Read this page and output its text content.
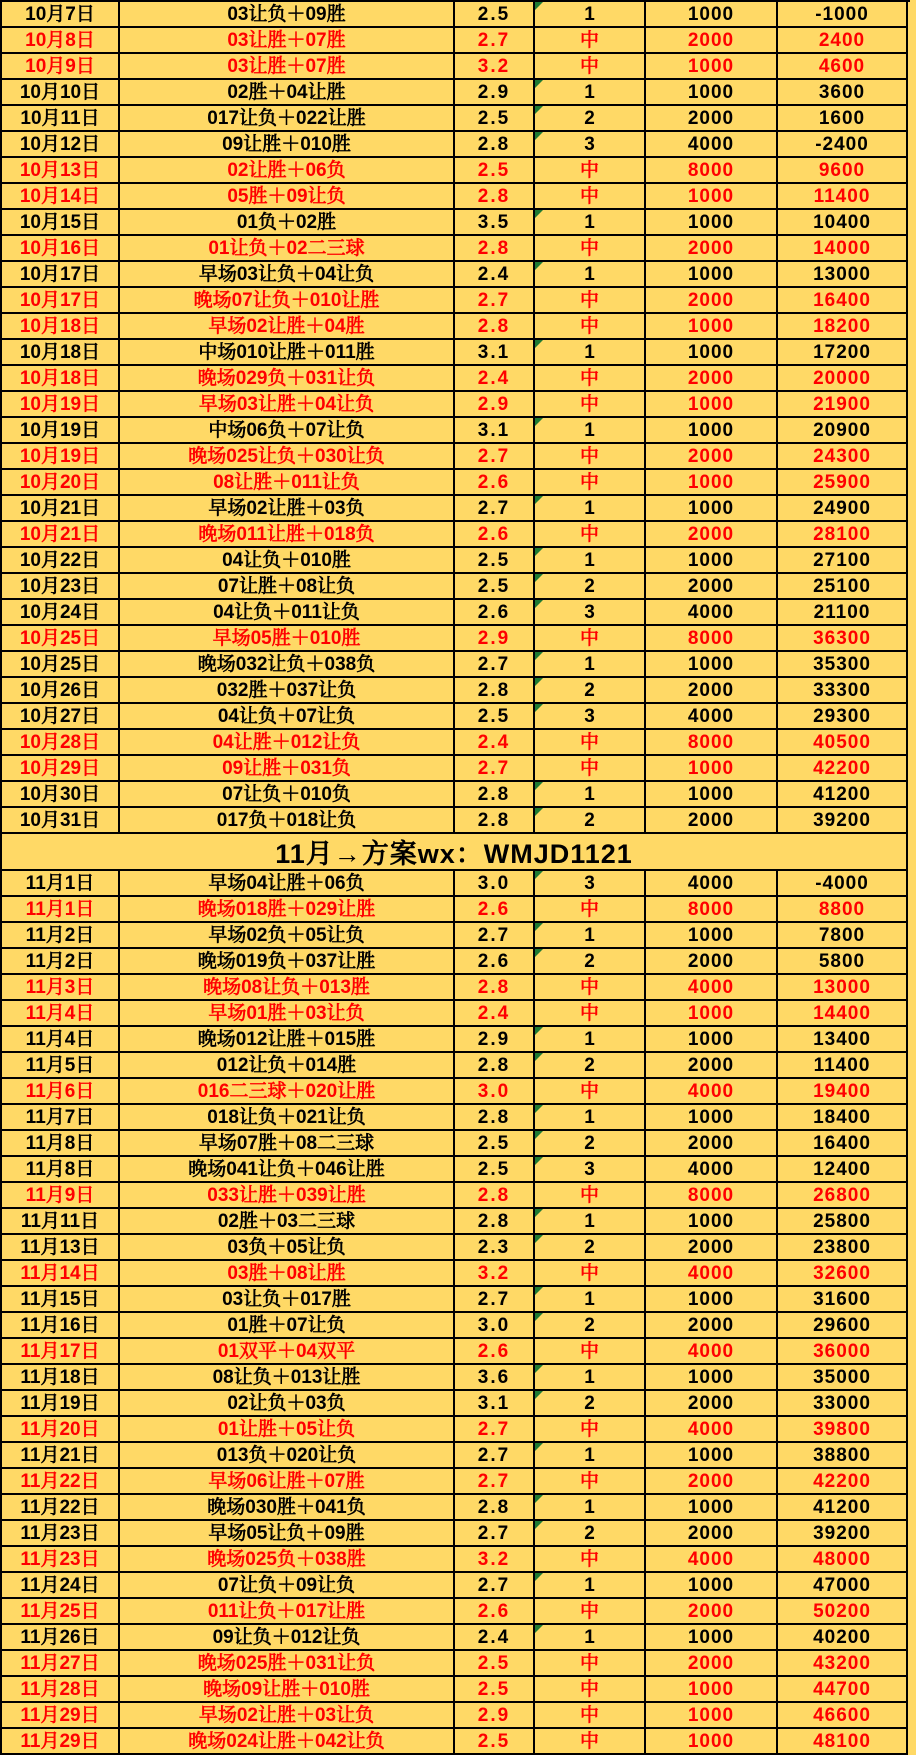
10月7日	03让负＋09胜	2.5	1	1000	-1000
10月8日	03让胜＋07胜	2.7	中	2000	2400
10月9日	03让胜＋07胜	3.2	中	1000	4600
10月10日	02胜＋04让胜	2.9	1	1000	3600
10月11日	017让负＋022让胜	2.5	2	2000	1600
10月12日	09让胜＋010胜	2.8	3	4000	-2400
10月13日	02让胜＋06负	2.5	中	8000	9600
10月14日	05胜＋09让负	2.8	中	1000	11400
10月15日	01负＋02胜	3.5	1	1000	10400
10月16日	01让负＋02二三球	2.8	中	2000	14000
10月17日	早场03让负＋04让负	2.4	1	1000	13000
10月17日	晚场07让负＋010让胜	2.7	中	2000	16400
10月18日	早场02让胜＋04胜	2.8	中	1000	18200
10月18日	中场010让胜＋011胜	3.1	1	1000	17200
10月18日	晚场029负＋031让负	2.4	中	2000	20000
10月19日	早场03让胜＋04让负	2.9	中	1000	21900
10月19日	中场06负＋07让负	3.1	1	1000	20900
10月19日	晚场025让负＋030让负	2.7	中	2000	24300
10月20日	08让胜＋011让负	2.6	中	1000	25900
10月21日	早场02让胜＋03负	2.7	1	1000	24900
10月21日	晚场011让胜＋018负	2.6	中	2000	28100
10月22日	04让负＋010胜	2.5	1	1000	27100
10月23日	07让胜＋08让负	2.5	2	2000	25100
10月24日	04让负＋011让负	2.6	3	4000	21100
10月25日	早场05胜＋010胜	2.9	中	8000	36300
10月25日	晚场032让负＋038负	2.7	1	1000	35300
10月26日	032胜＋037让负	2.8	2	2000	33300
10月27日	04让负＋07让负	2.5	3	4000	29300
10月28日	04让胜＋012让负	2.4	中	8000	40500
10月29日	09让胜＋031负	2.7	中	1000	42200
10月30日	07让负＋010负	2.8	1	1000	41200
10月31日	017负＋018让负	2.8	2	2000	39200
11月→方案wx：WMJD1121
11月1日	早场04让胜＋06负	3.0	3	4000	-4000
11月1日	晚场018胜＋029让胜	2.6	中	8000	8800
11月2日	早场02负＋05让负	2.7	1	1000	7800
11月2日	晚场019负＋037让胜	2.6	2	2000	5800
11月3日	晚场08让负＋013胜	2.8	中	4000	13000
11月4日	早场01胜＋03让负	2.4	中	1000	14400
11月4日	晚场012让胜＋015胜	2.9	1	1000	13400
11月5日	012让负＋014胜	2.8	2	2000	11400
11月6日	016二三球＋020让胜	3.0	中	4000	19400
11月7日	018让负＋021让负	2.8	1	1000	18400
11月8日	早场07胜＋08二三球	2.5	2	2000	16400
11月8日	晚场041让负＋046让胜	2.5	3	4000	12400
11月9日	033让胜＋039让胜	2.8	中	8000	26800
11月11日	02胜＋03二三球	2.8	1	1000	25800
11月13日	03负＋05让负	2.3	2	2000	23800
11月14日	03胜＋08让胜	3.2	中	4000	32600
11月15日	03让负＋017胜	2.7	1	1000	31600
11月16日	01胜＋07让负	3.0	2	2000	29600
11月17日	01双平＋04双平	2.6	中	4000	36000
11月18日	08让负＋013让胜	3.6	1	1000	35000
11月19日	02让负＋03负	3.1	2	2000	33000
11月20日	01让胜＋05让负	2.7	中	4000	39800
11月21日	013负＋020让负	2.7	1	1000	38800
11月22日	早场06让胜＋07胜	2.7	中	2000	42200
11月22日	晚场030胜＋041负	2.8	1	1000	41200
11月23日	早场05让负＋09胜	2.7	2	2000	39200
11月23日	晚场025负＋038胜	3.2	中	4000	48000
11月24日	07让负＋09让负	2.7	1	1000	47000
11月25日	011让负＋017让胜	2.6	中	2000	50200
11月26日	09让负＋012让负	2.4	1	1000	40200
11月27日	晚场025胜＋031让负	2.5	中	2000	43200
11月28日	晚场09让胜＋010胜	2.5	中	1000	44700
11月29日	早场02让胜＋03让负	2.9	中	1000	46600
11月29日	晚场024让胜＋042让负	2.5	中	1000	48100
